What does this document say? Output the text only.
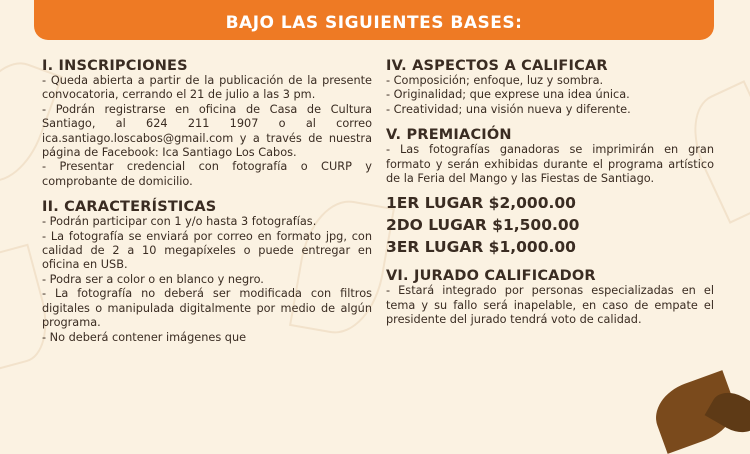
BAJO LAS SIGUIENTES BASES:
I. INSCRIPCIONES

- Queda abierta a partir de la publicación de la presente convocatoria, cerrando el 21 de julio a las 3 pm.

- Podrán registrarse en oficina de Casa de Cultura Santiago, al 624 211 1907 o al correo ica.santiago.loscabos@gmail.com y a través de nuestra página de Facebook: Ica Santiago Los Cabos.

- Presentar credencial con fotografía o CURP y comprobante de domicilio.

II. CARACTERÍSTICAS

- Podrán participar con 1 y/o hasta 3 fotografías.

- La fotografía se enviará por correo en formato jpg, con calidad de 2 a 10 megapíxeles o puede entregar en oficina en USB.

- Podra ser a color o en blanco y negro.

- La fotografía no deberá ser modificada con filtros digitales o manipulada digitalmente por medio de algún programa.

- No deberá contener imágenes que

IV. ASPECTOS A CALIFICAR

- Composición; enfoque, luz y sombra.

- Originalidad; que exprese una idea única.

- Creatividad; una visión nueva y diferente.

V. PREMIACIÓN

- Las fotografías ganadoras se imprimirán en gran formato y serán exhibidas durante el programa artístico de la Feria del Mango y las Fiestas de Santiago.

1ER LUGAR $2,000.00
2DO LUGAR $1,500.00
3ER LUGAR $1,000.00
VI. JURADO CALIFICADOR

- Estará integrado por personas especializadas en el tema y su fallo será inapelable, en caso de empate el presidente del jurado tendrá voto de calidad.
